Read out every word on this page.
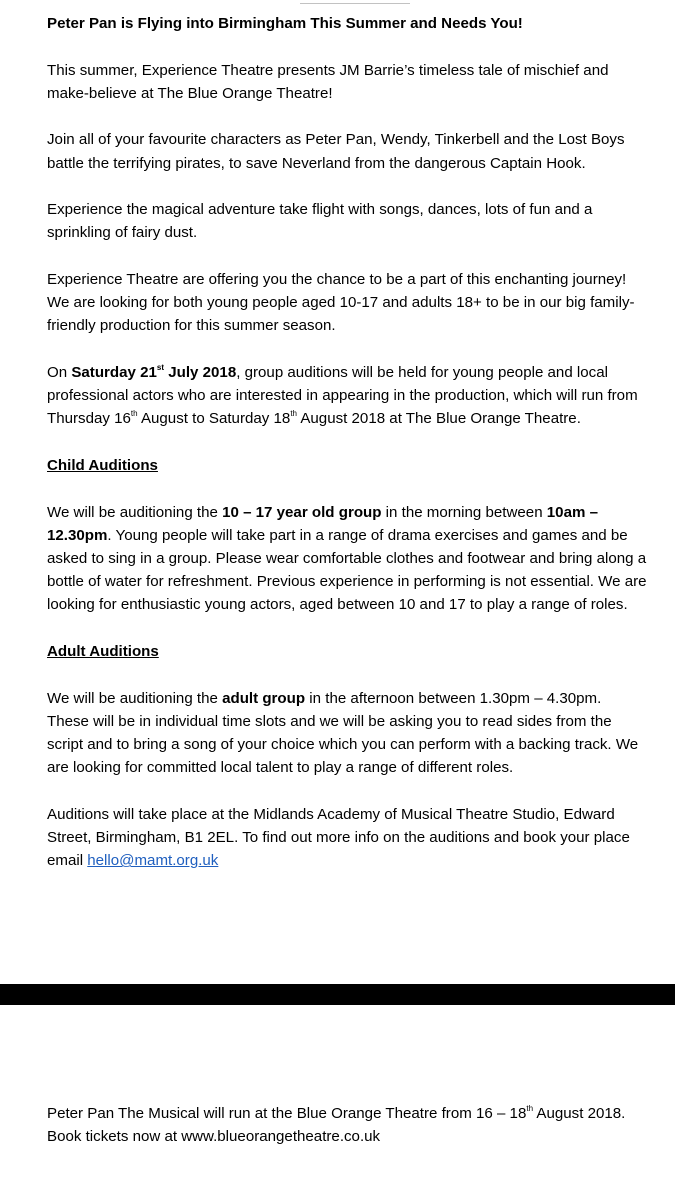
Peter Pan is Flying into Birmingham This Summer and Needs You!

This summer, Experience Theatre presents JM Barrie’s timeless tale of mischief and make-believe at The Blue Orange Theatre!

Join all of your favourite characters as Peter Pan, Wendy, Tinkerbell and the Lost Boys battle the terrifying pirates, to save Neverland from the dangerous Captain Hook.

Experience the magical adventure take flight with songs, dances, lots of fun and a sprinkling of fairy dust.

Experience Theatre are offering you the chance to be a part of this enchanting journey! We are looking for both young people aged 10-17 and adults 18+ to be in our big family-friendly production for this summer season.

On Saturday 21st July 2018, group auditions will be held for young people and local professional actors who are interested in appearing in the production, which will run from Thursday 16th August to Saturday 18th August 2018 at The Blue Orange Theatre.

Child Auditions

We will be auditioning the 10 – 17 year old group in the morning between 10am – 12.30pm. Young people will take part in a range of drama exercises and games and be asked to sing in a group. Please wear comfortable clothes and footwear and bring along a bottle of water for refreshment. Previous experience in performing is not essential. We are looking for enthusiastic young actors, aged between 10 and 17 to play a range of roles.

Adult Auditions

We will be auditioning the adult group in the afternoon between 1.30pm – 4.30pm. These will be in individual time slots and we will be asking you to read sides from the script and to bring a song of your choice which you can perform with a backing track. We are looking for committed local talent to play a range of different roles.

Auditions will take place at the Midlands Academy of Musical Theatre Studio, Edward Street, Birmingham, B1 2EL. To find out more info on the auditions and book your place email hello@mamt.org.uk

Peter Pan The Musical will run at the Blue Orange Theatre from 16 – 18th August 2018. Book tickets now at www.blueorangetheatre.co.uk
